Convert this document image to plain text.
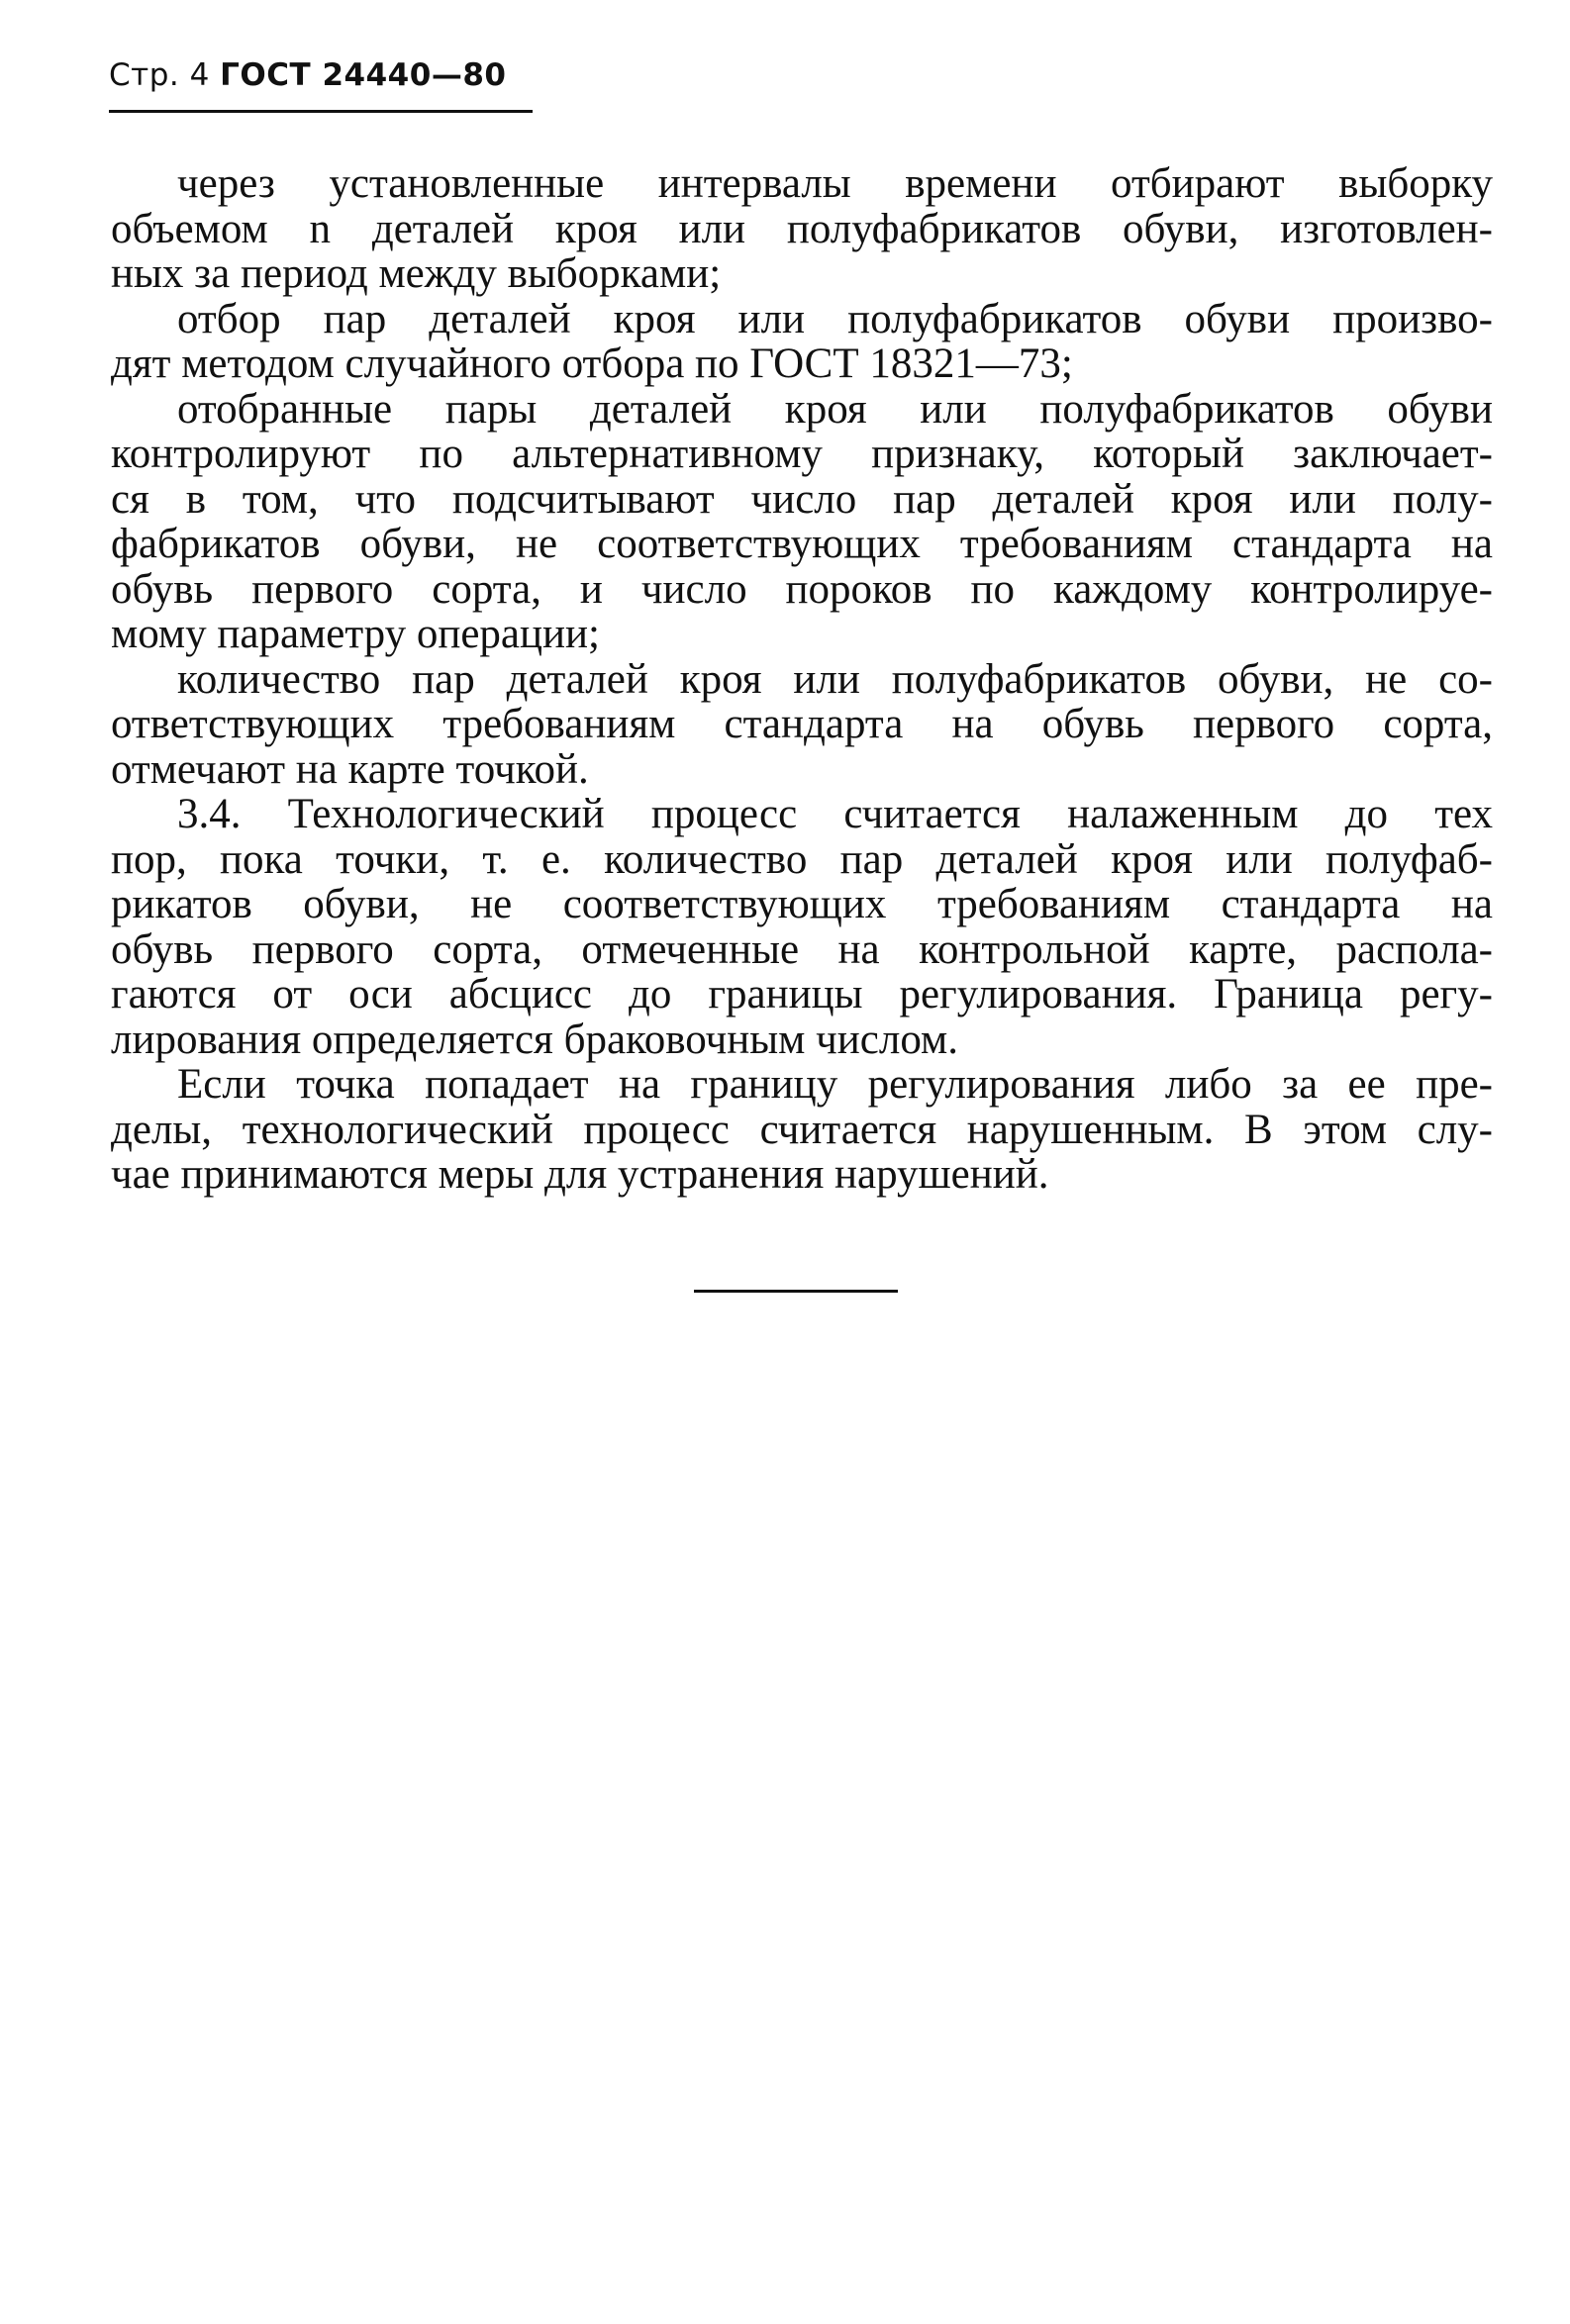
Стр. 4 ГОСТ 24440—80

через установленные интервалы времени отбирают выборку
объемом n деталей кроя или полуфабрикатов обуви, изготовлен-
ных за период между выборками;

отбор пар деталей кроя или полуфабрикатов обуви произво-
дят методом случайного отбора по ГОСТ 18321—73;

отобранные пары деталей кроя или полуфабрикатов обуви
контролируют по альтернативному признаку, который заключает-
ся в том, что подсчитывают число пар деталей кроя или полу-
фабрикатов обуви, не соответствующих требованиям стандарта на
обувь первого сорта, и число пороков по каждому контролируе-
мому параметру операции;

количество пар деталей кроя или полуфабрикатов обуви, не со-
ответствующих требованиям стандарта на обувь первого сорта,
отмечают на карте точкой.

3.4. Технологический процесс считается налаженным до тех
пор, пока точки, т. е. количество пар деталей кроя или полуфаб-
рикатов обуви, не соответствующих требованиям стандарта на
обувь первого сорта, отмеченные на контрольной карте, распола-
гаются от оси абсцисс до границы регулирования. Граница регу-
лирования определяется браковочным числом.

Если точка попадает на границу регулирования либо за ее пре-
делы, технологический процесс считается нарушенным. В этом слу-
чае принимаются меры для устранения нарушений.
